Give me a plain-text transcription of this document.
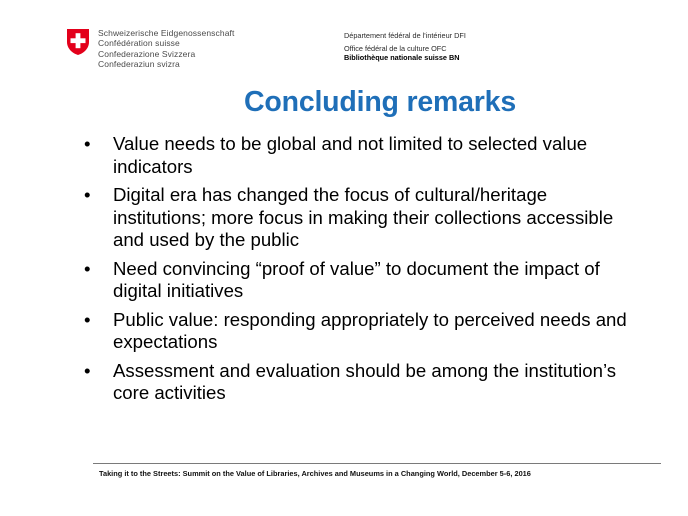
Schweizerische Eidgenossenschaft
Confédération suisse
Confederazione Svizzera
Confederaziun svizra
Département fédéral de l'intérieur DFI
Office fédéral de la culture OFC
Bibliothèque nationale suisse BN
Concluding remarks
• Value needs to be global and not limited to selected value indicators
• Digital era has changed the focus of cultural/heritage institutions; more focus in making their collections accessible and used by the public
• Need convincing “proof of value” to document the impact of digital initiatives
• Public value: responding appropriately to perceived needs and expectations
• Assessment and evaluation should be among the institution’s core activities
Taking it to the Streets: Summit on the Value of Libraries, Archives and Museums in a Changing World, December 5-6, 2016
